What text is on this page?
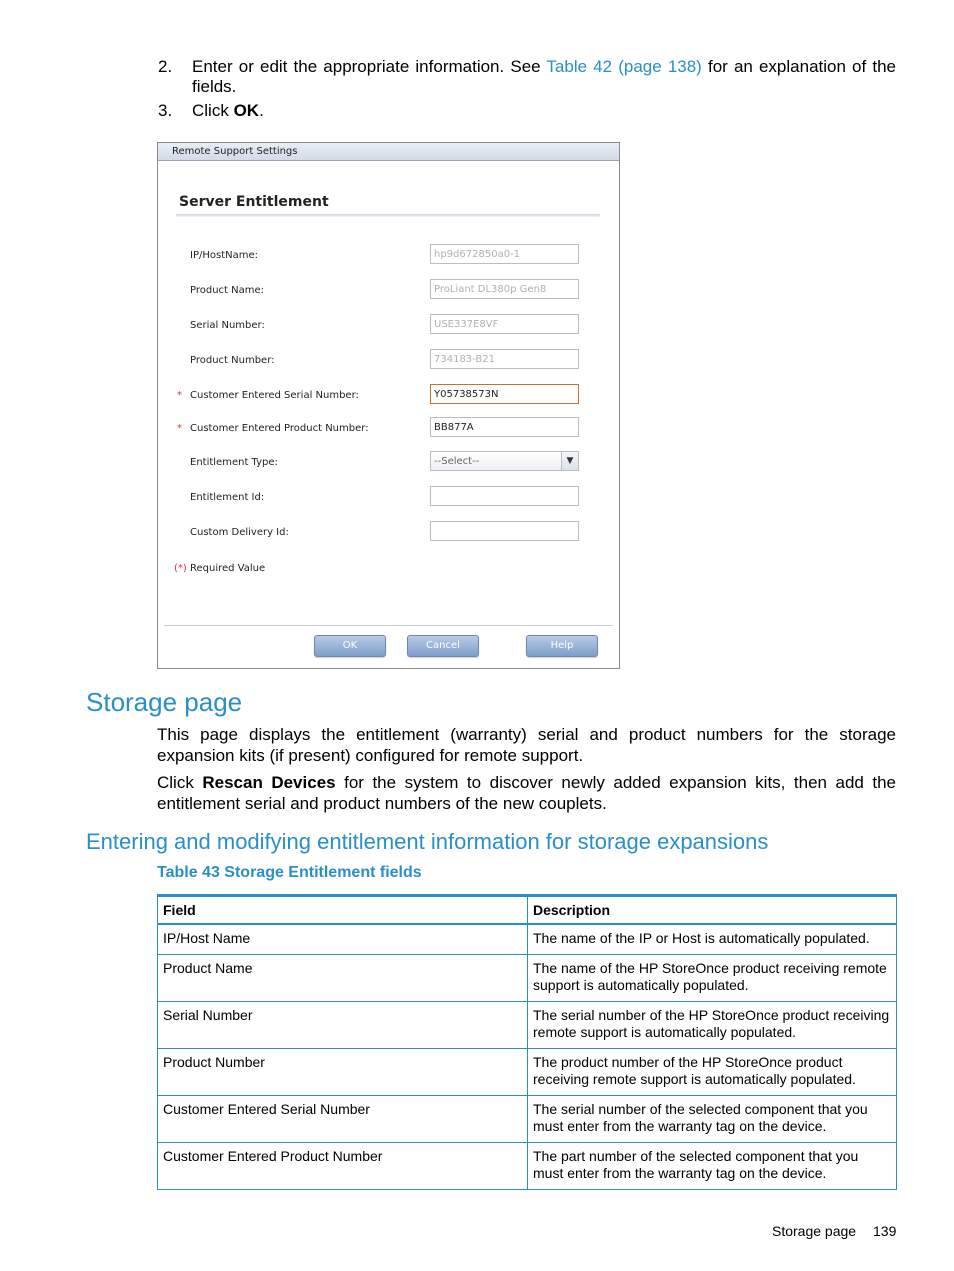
2. Enter or edit the appropriate information. See Table 42 (page 138) for an explanation of the fields.
3. Click OK.
Remote Support Settings
Server Entitlement
IP/HostName:	hp9d672850a0-1
Product Name:	ProLiant DL380p Gen8
Serial Number:	USE337E8VF
Product Number:	734183-B21
* Customer Entered Serial Number:	Y05738573N
* Customer Entered Product Number:	BB877A
Entitlement Type:	--Select--	▼
Entitlement Id:
Custom Delivery Id:
(*) Required Value
OK	Cancel	Help
Storage page
This page displays the entitlement (warranty) serial and product numbers for the storage expansion kits (if present) configured for remote support.
Click Rescan Devices for the system to discover newly added expansion kits, then add the entitlement serial and product numbers of the new couplets.
Entering and modifying entitlement information for storage expansions
Table 43 Storage Entitlement fields
Field	Description
IP/Host Name	The name of the IP or Host is automatically populated.
Product Name	The name of the HP StoreOnce product receiving remote support is automatically populated.
Serial Number	The serial number of the HP StoreOnce product receiving remote support is automatically populated.
Product Number	The product number of the HP StoreOnce product receiving remote support is automatically populated.
Customer Entered Serial Number	The serial number of the selected component that you must enter from the warranty tag on the device.
Customer Entered Product Number	The part number of the selected component that you must enter from the warranty tag on the device.
Storage page 139
